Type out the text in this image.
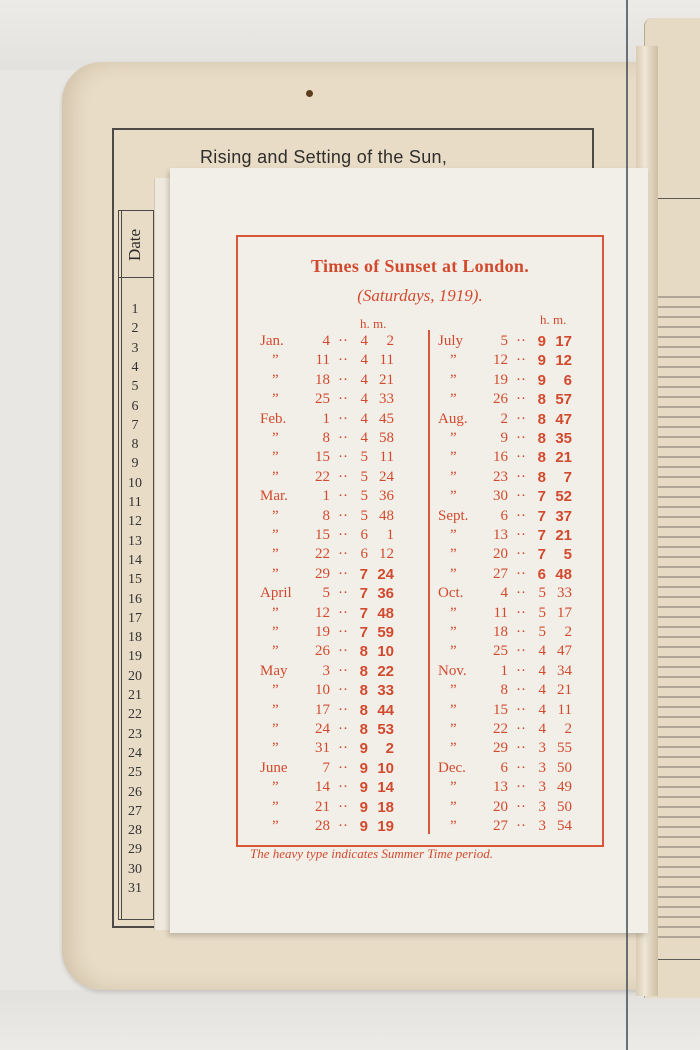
Rising and Setting of the Sun,
Date
1
2
3
4
5
6
7
8
9
10
11
12
13
14
15
16
17
18
19
20
21
22
23
24
25
26
27
28
29
30
31
Times of Sunset at London.
(Saturdays, 1919).
h. m.	h. m.
Jan.	4 ·· 4	2
”	11 ·· 4 11
”	18 ·· 4 21
”	25 ·· 4 33
Feb.	1 ·· 4 45
”	8 ·· 4 58
”	15 ·· 5 11
”	22 ·· 5 24
Mar.	1 ·· 5 36
”	8 ·· 5 48
”	15 ·· 6	1
”	22 ·· 6 12
”	29 ·· 7 24
April	5 ·· 7 36
”	12 ·· 7 48
”	19 ·· 7 59
”	26 ·· 8 10
May	3 ·· 8 22
”	10 ·· 8 33
”	17 ·· 8 44
”	24 ·· 8 53
”	31 ·· 9	2
June	7 ·· 9 10
”	14 ·· 9 14
”	21 ·· 9 18
”	28 ·· 9 19
July	5 ·· 9 17
”	12 ·· 9 12
”	19 ·· 9	6
”	26 ·· 8 57
Aug.	2 ·· 8 47
”	9 ·· 8 35
”	16 ·· 8 21
”	23 ·· 8	7
”	30 ·· 7 52
Sept.	6 ·· 7 37
”	13 ·· 7 21
”	20 ·· 7	5
”	27 ·· 6 48
Oct.	4 ·· 5 33
”	11 ·· 5 17
”	18 ·· 5	2
”	25 ·· 4 47
Nov.	1 ·· 4 34
”	8 ·· 4 21
”	15 ·· 4 11
”	22 ·· 4	2
”	29 ·· 3 55
Dec.	6 ·· 3 50
”	13 ·· 3 49
”	20 ·· 3 50
”	27 ·· 3 54
The heavy type indicates Summer Time period.
